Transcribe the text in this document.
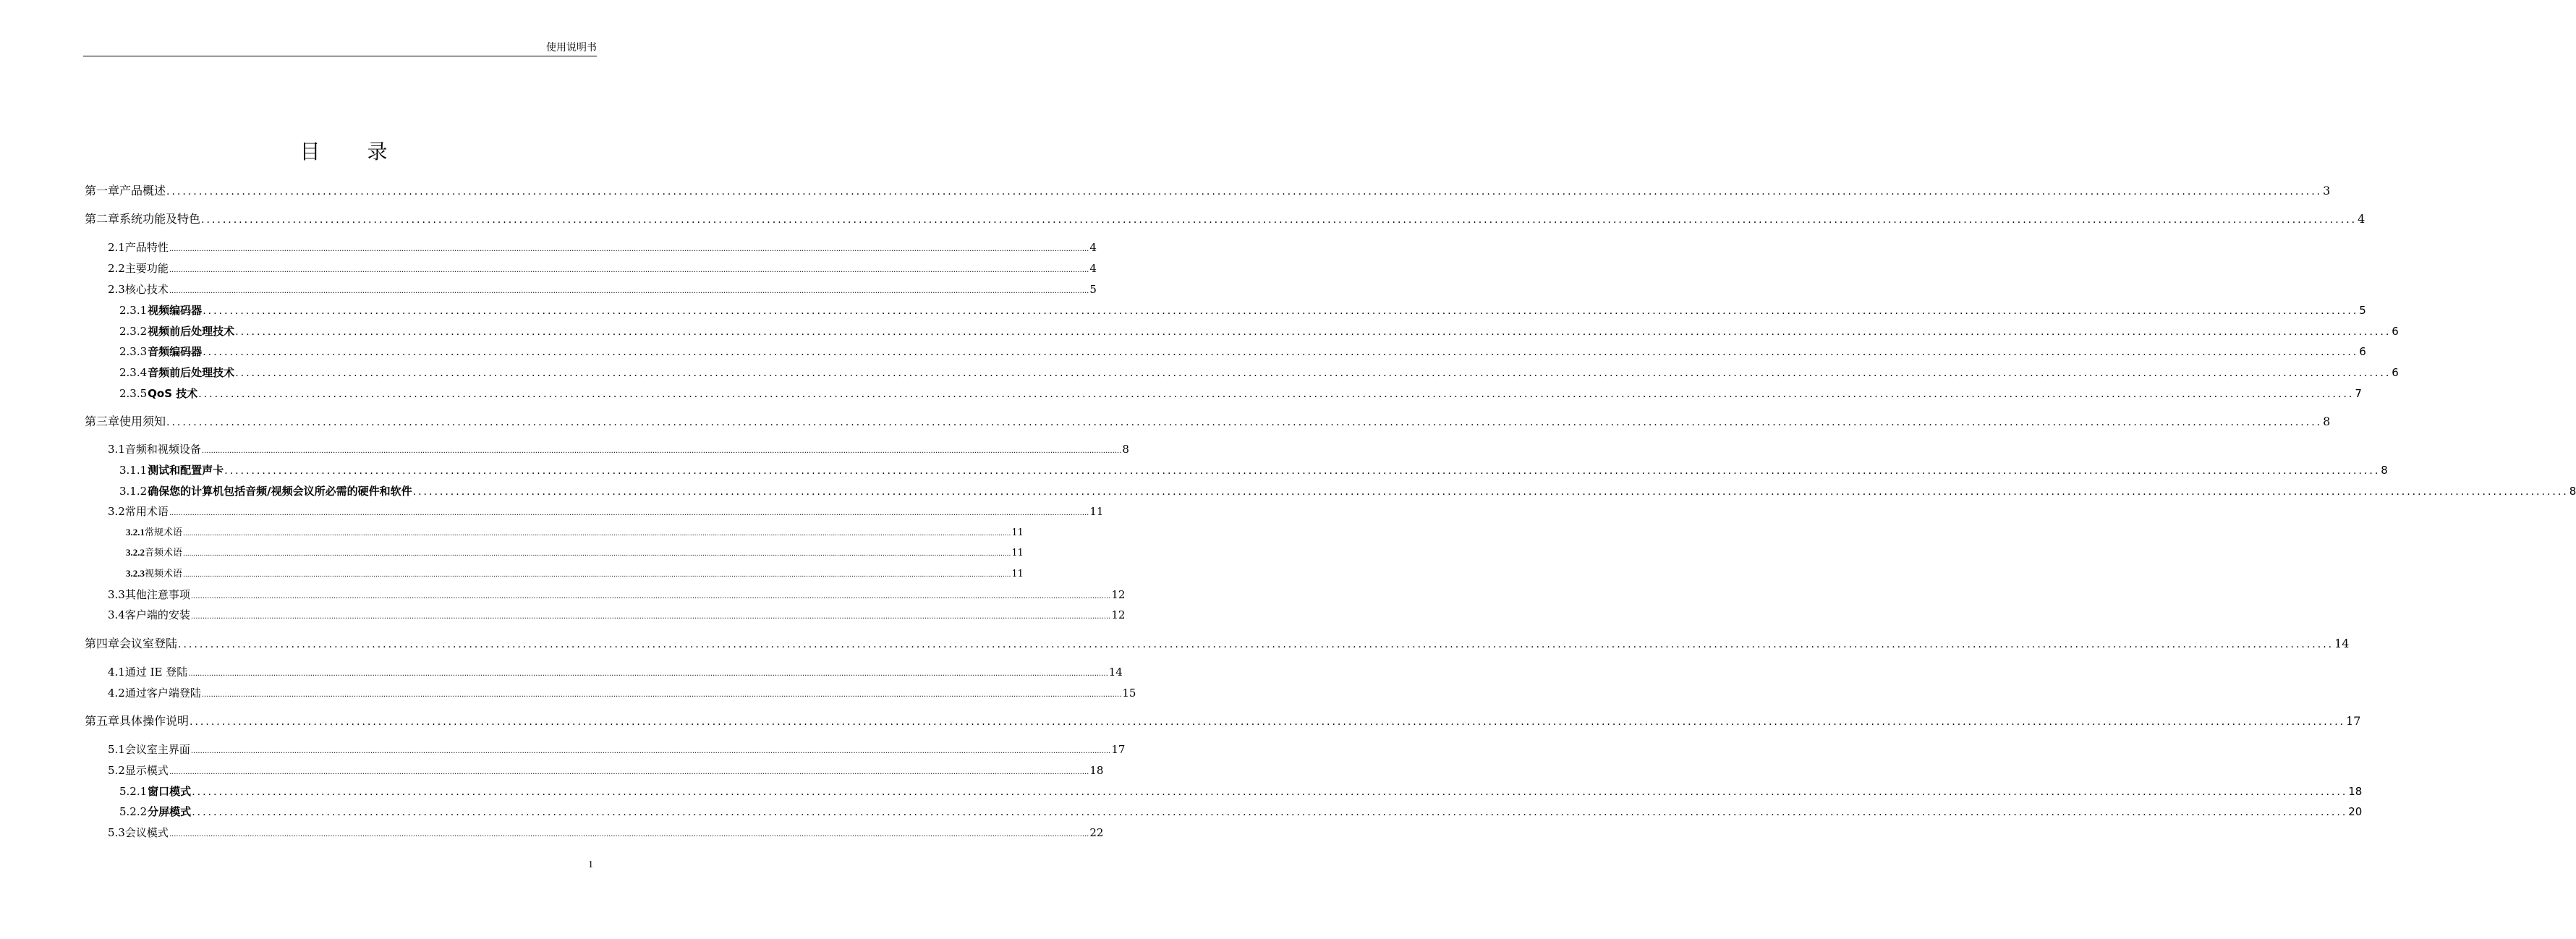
使用说明书
目 录
第一章 产品概述 ................................................................................................................................................................................................................................................................................................................................................................................................................ 3
第二章 系统功能及特色 ................................................................................................................................................................................................................................................................................................................................................................................................................ 4
2.1 产品特性 ................................................................................................................................................................................................................................................................................................................................................................................................................ 4
2.2 主要功能 ................................................................................................................................................................................................................................................................................................................................................................................................................ 4
2.3 核心技术 ................................................................................................................................................................................................................................................................................................................................................................................................................ 5
2.3.1 视频编码器 ................................................................................................................................................................................................................................................................................................................................................................................................................ 5
2.3.2 视频前后处理技术 ................................................................................................................................................................................................................................................................................................................................................................................................................ 6
2.3.3 音频编码器 ................................................................................................................................................................................................................................................................................................................................................................................................................ 6
2.3.4 音频前后处理技术 ................................................................................................................................................................................................................................................................................................................................................................................................................ 6
2.3.5 QoS 技术 ................................................................................................................................................................................................................................................................................................................................................................................................................ 7
第三章 使用须知 ................................................................................................................................................................................................................................................................................................................................................................................................................ 8
3.1 音频和视频设备 ................................................................................................................................................................................................................................................................................................................................................................................................................ 8
3.1.1 测试和配置声卡 ................................................................................................................................................................................................................................................................................................................................................................................................................ 8
3.1.2 确保您的计算机包括音频/视频会议所必需的硬件和软件 ................................................................................................................................................................................................................................................................................................................................................................................................................ 8
3.2 常用术语 ................................................................................................................................................................................................................................................................................................................................................................................................................ 11
3.2.1 常规术语 ................................................................................................................................................................................................................................................................................................................................................................................................................ 11
3.2.2 音频术语 ................................................................................................................................................................................................................................................................................................................................................................................................................ 11
3.2.3 视频术语 ................................................................................................................................................................................................................................................................................................................................................................................................................ 11
3.3 其他注意事项 ................................................................................................................................................................................................................................................................................................................................................................................................................ 12
3.4 客户端的安装 ................................................................................................................................................................................................................................................................................................................................................................................................................ 12
第四章 会议室登陆 ................................................................................................................................................................................................................................................................................................................................................................................................................ 14
4.1 通过 IE 登陆 ................................................................................................................................................................................................................................................................................................................................................................................................................ 14
4.2 通过客户端登陆 ................................................................................................................................................................................................................................................................................................................................................................................................................ 15
第五章 具体操作说明 ................................................................................................................................................................................................................................................................................................................................................................................................................ 17
5.1 会议室主界面 ................................................................................................................................................................................................................................................................................................................................................................................................................ 17
5.2 显示模式 ................................................................................................................................................................................................................................................................................................................................................................................................................ 18
5.2.1 窗口模式 ................................................................................................................................................................................................................................................................................................................................................................................................................ 18
5.2.2 分屏模式 ................................................................................................................................................................................................................................................................................................................................................................................................................ 20
5.3 会议模式 ................................................................................................................................................................................................................................................................................................................................................................................................................ 22
1
